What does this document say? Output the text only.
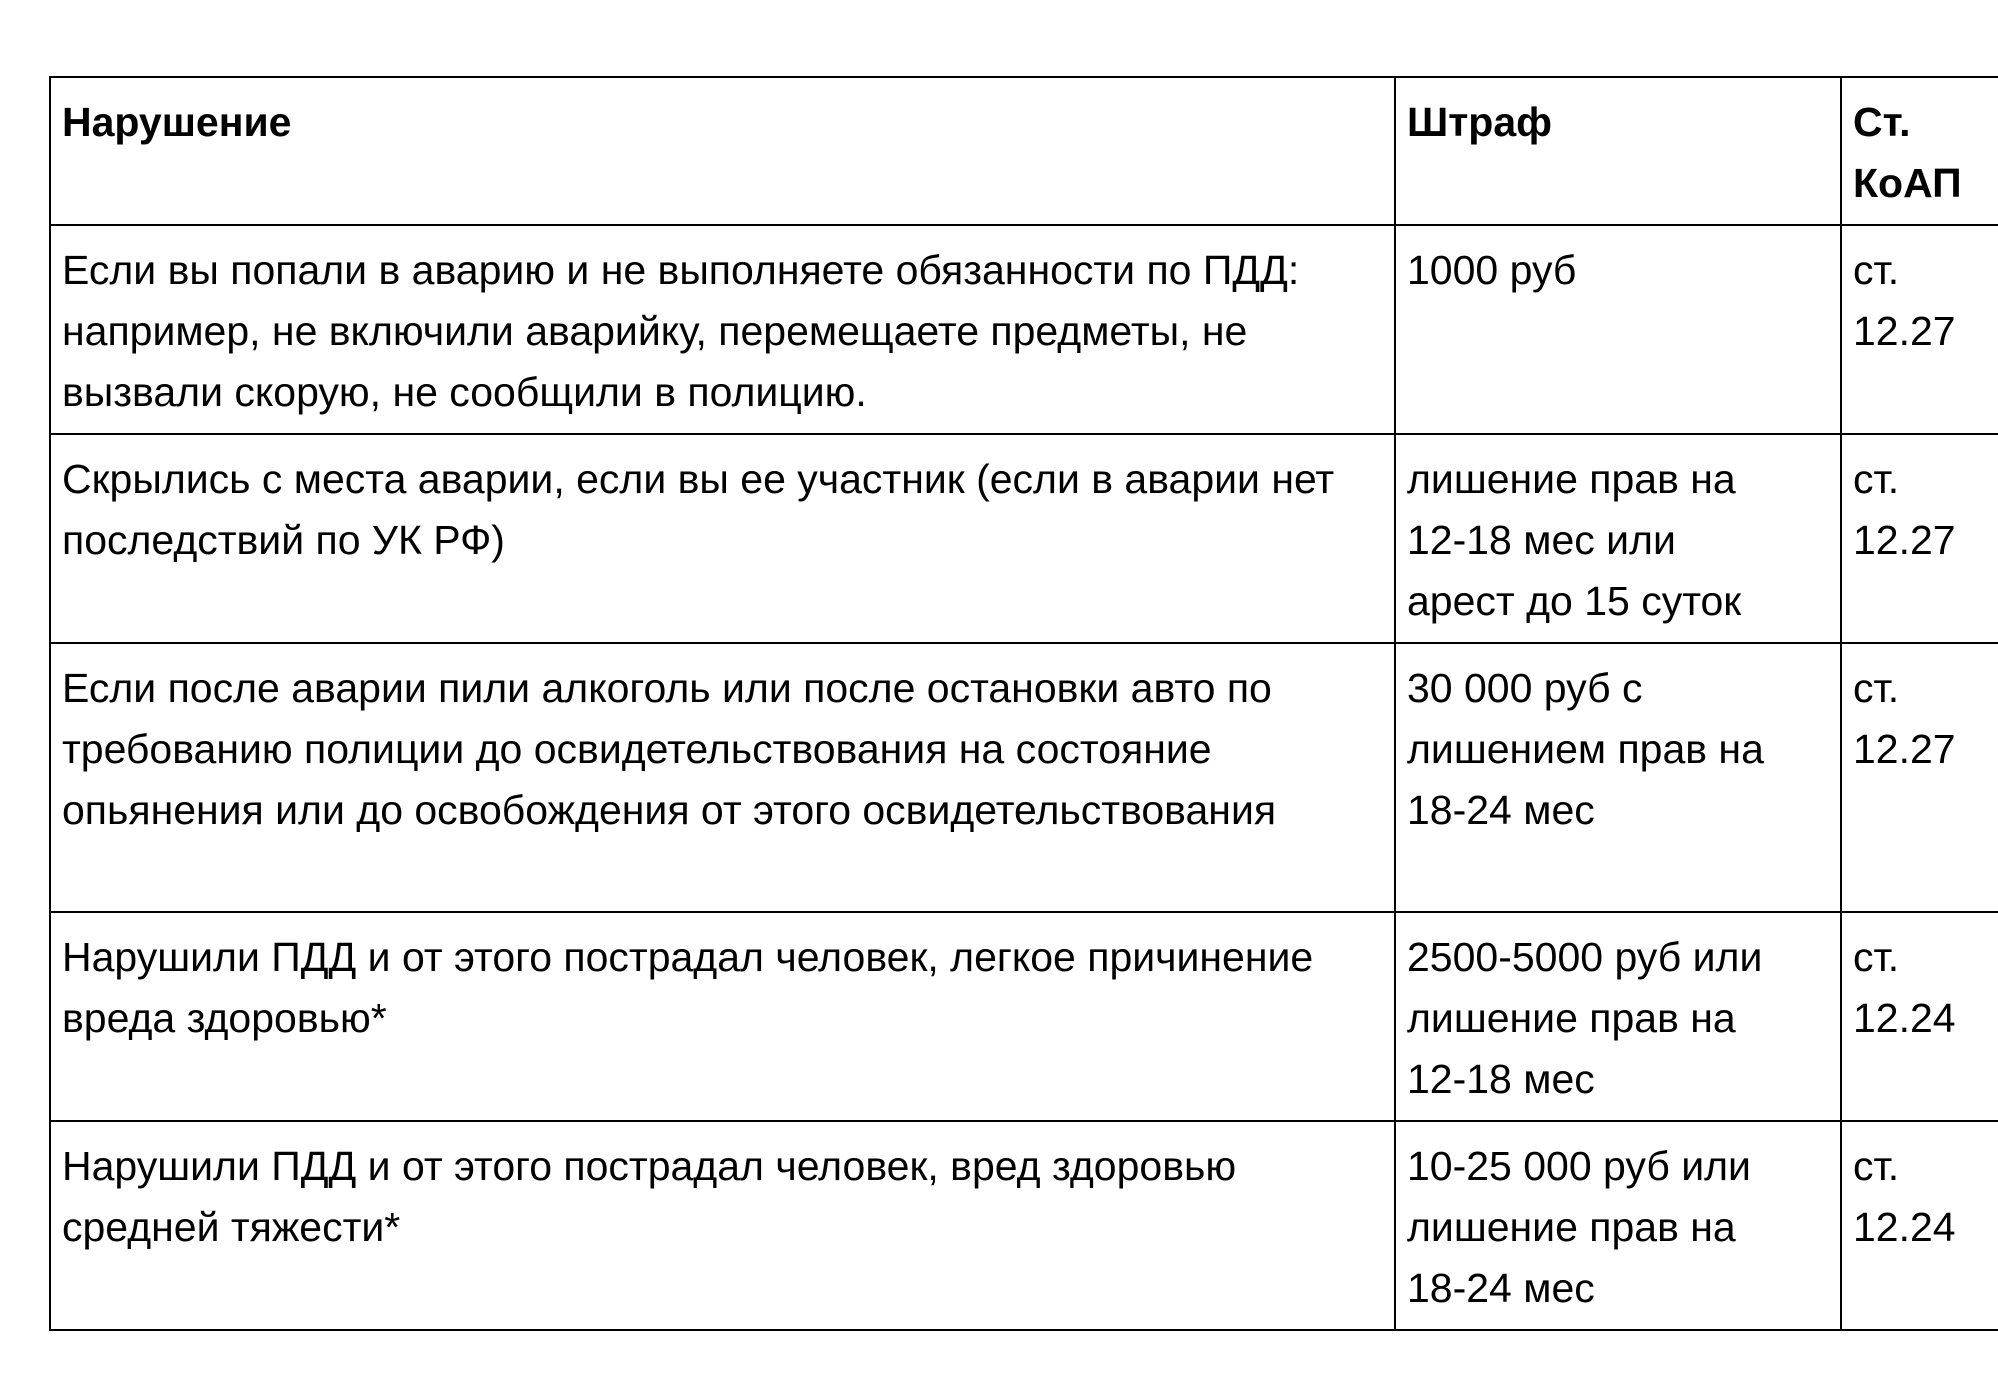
Нарушение	Штраф	Ст.
КоАП
Если вы попали в аварию и не выполняете обязанности по ПДД: например, не включили аварийку, перемещаете предметы, не вызвали скорую, не сообщили в полицию.	1000 руб	ст.
12.27
Скрылись с места аварии, если вы ее участник (если в аварии нет последствий по УК РФ)	лишение прав на
12-18 мес или
арест до 15 суток	ст.
12.27
Если после аварии пили алкоголь или после остановки авто по требованию полиции до освидетельствования на состояние опьянения или до освобождения от этого освидетельствования	30 000 руб с
лишением прав на
18-24 мес	ст.
12.27
Нарушили ПДД и от этого пострадал человек, легкое причинение вреда здоровью*	2500-5000 руб или
лишение прав на
12-18 мес	ст.
12.24
Нарушили ПДД и от этого пострадал человек, вред здоровью средней тяжести*	10-25 000 руб или
лишение прав на
18-24 мес	ст.
12.24
